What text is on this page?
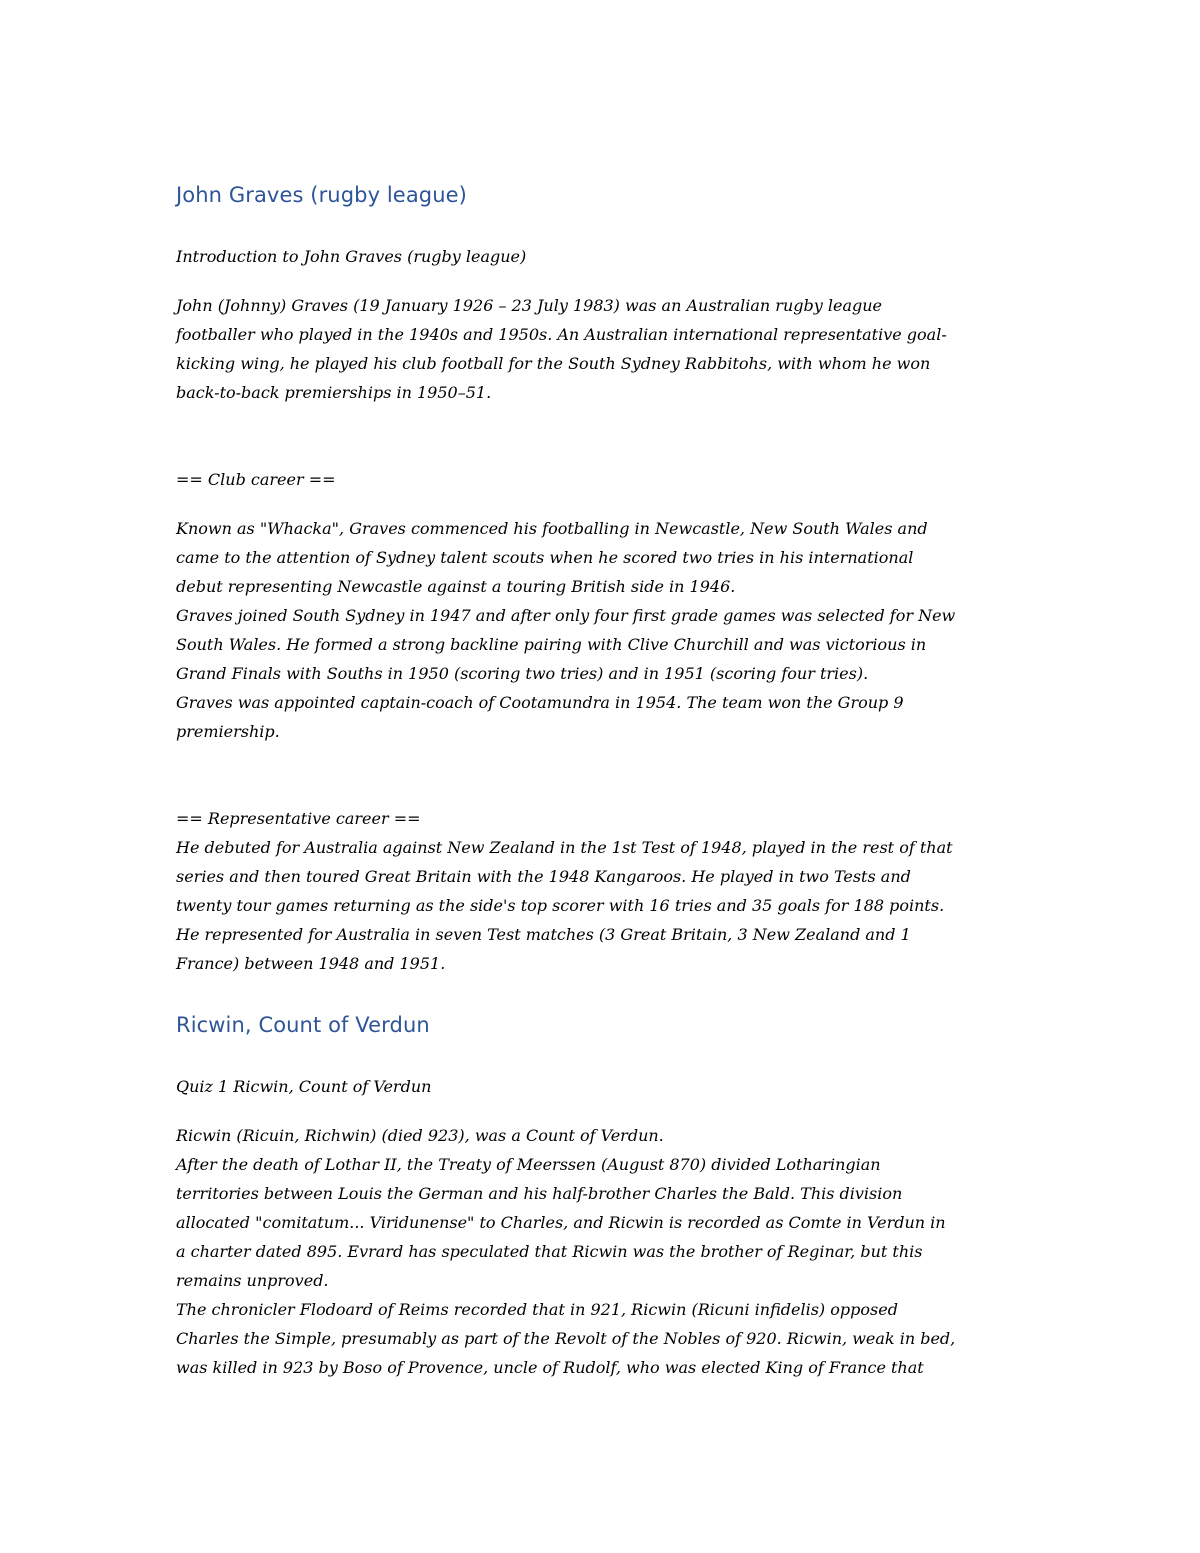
John Graves (rugby league)

Introduction to John Graves (rugby league)

John (Johnny) Graves (19 January 1926 – 23 July 1983) was an Australian rugby league
footballer who played in the 1940s and 1950s. An Australian international representative goal-
kicking wing, he played his club football for the South Sydney Rabbitohs, with whom he won
back-to-back premierships in 1950–51.

== Club career ==

Known as "Whacka", Graves commenced his footballing in Newcastle, New South Wales and
came to the attention of Sydney talent scouts when he scored two tries in his international
debut representing Newcastle against a touring British side in 1946.
Graves joined South Sydney in 1947 and after only four first grade games was selected for New
South Wales. He formed a strong backline pairing with Clive Churchill and was victorious in
Grand Finals with Souths in 1950 (scoring two tries) and in 1951 (scoring four tries).
Graves was appointed captain-coach of Cootamundra in 1954. The team won the Group 9
premiership.

== Representative career ==
He debuted for Australia against New Zealand in the 1st Test of 1948, played in the rest of that
series and then toured Great Britain with the 1948 Kangaroos. He played in two Tests and
twenty tour games returning as the side's top scorer with 16 tries and 35 goals for 188 points.
He represented for Australia in seven Test matches (3 Great Britain, 3 New Zealand and 1
France) between 1948 and 1951.

Ricwin, Count of Verdun

Quiz 1 Ricwin, Count of Verdun

Ricwin (Ricuin, Richwin) (died 923), was a Count of Verdun.
After the death of Lothar II, the Treaty of Meerssen (August 870) divided Lotharingian
territories between Louis the German and his half-brother Charles the Bald. This division
allocated "comitatum... Viridunense" to Charles, and Ricwin is recorded as Comte in Verdun in
a charter dated 895. Evrard has speculated that Ricwin was the brother of Reginar, but this
remains unproved.
The chronicler Flodoard of Reims recorded that in 921, Ricwin (Ricuni infidelis) opposed
Charles the Simple, presumably as part of the Revolt of the Nobles of 920. Ricwin, weak in bed,
was killed in 923 by Boso of Provence, uncle of Rudolf, who was elected King of France that
